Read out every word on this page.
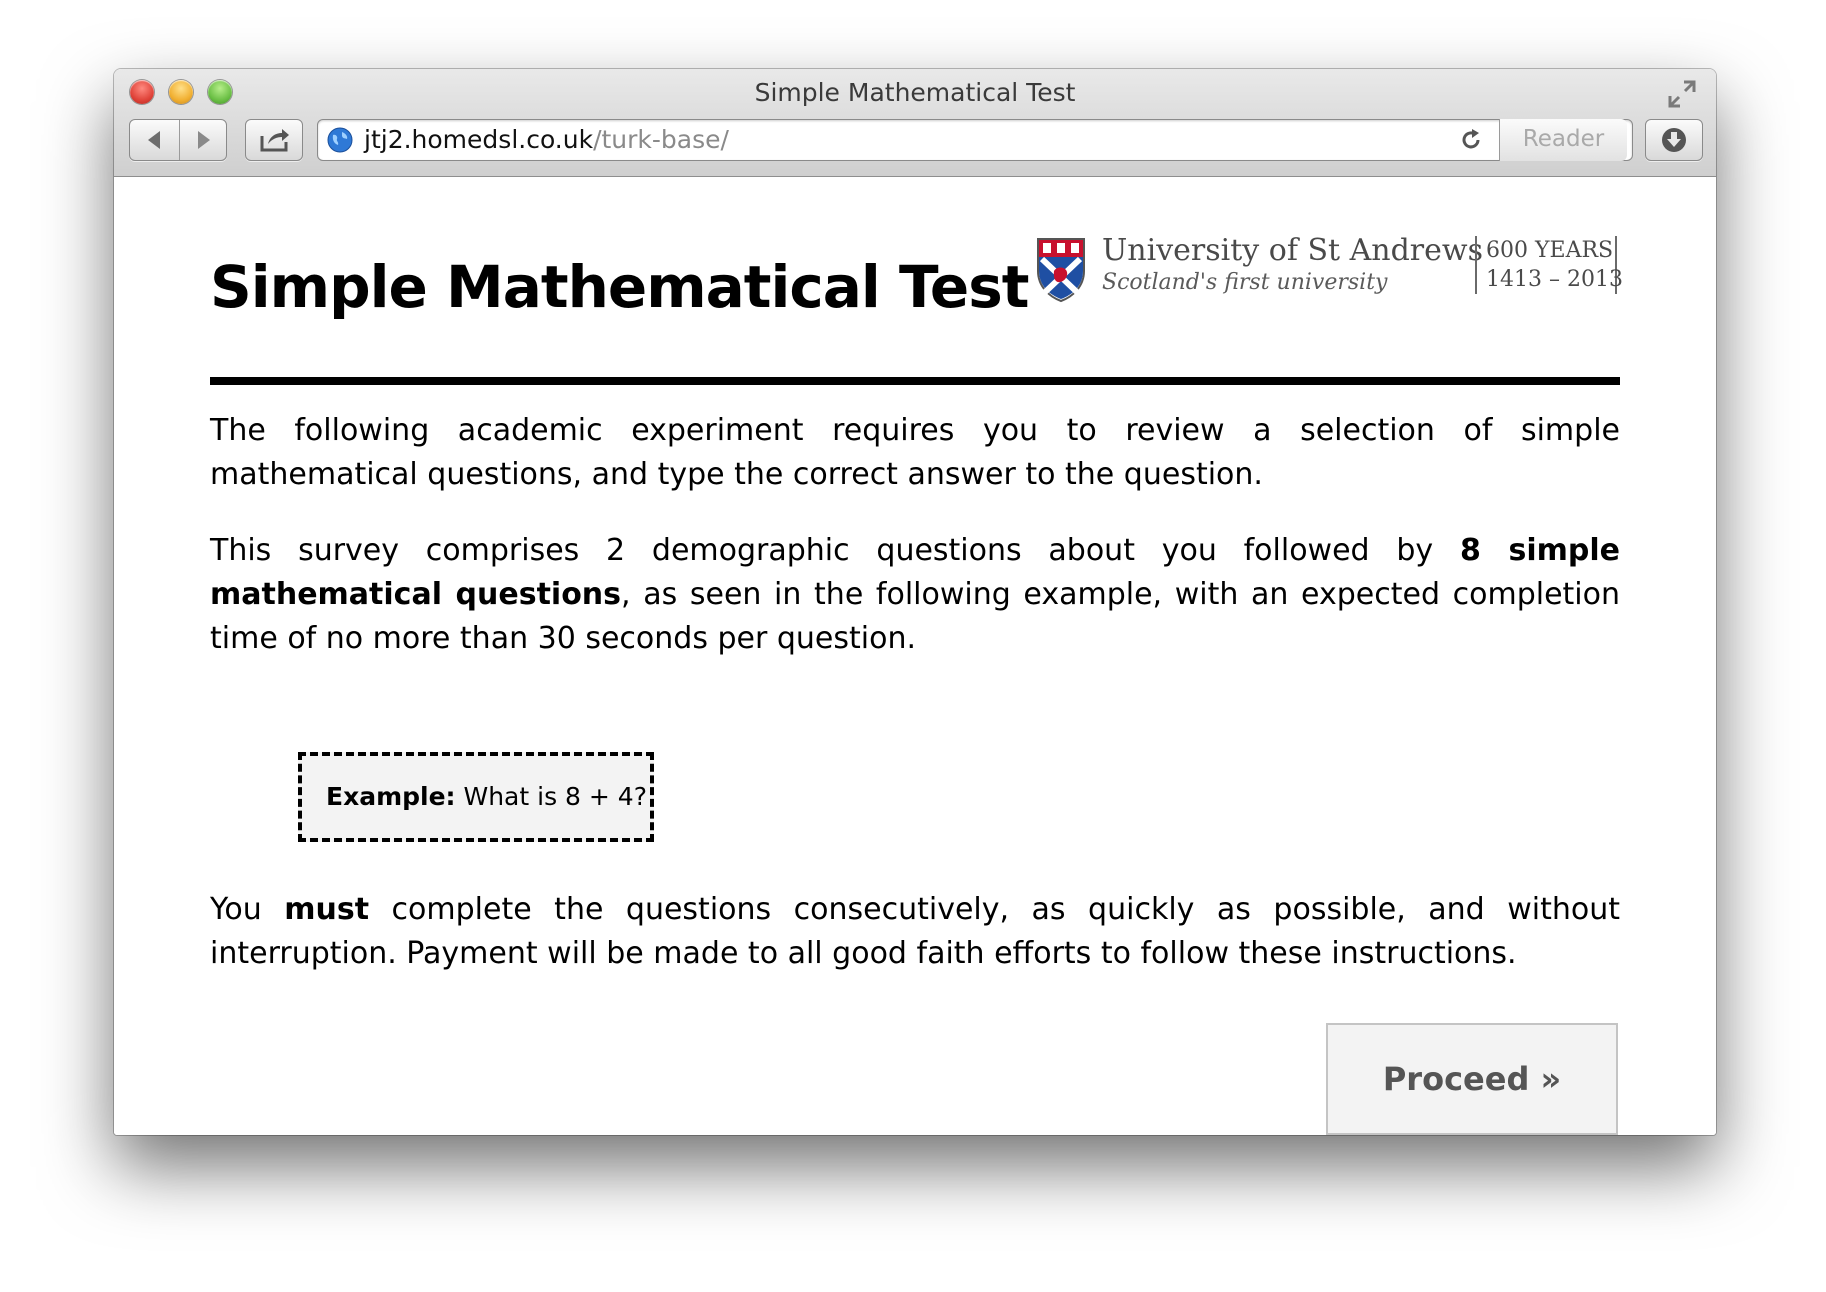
Simple Mathematical Test
jtj2.homedsl.co.uk/turk-base/	Reader
Simple Mathematical Test
University of St Andrews
Scotland's first university
600 YEARS
1413 – 2013

The following academic experiment requires you to review a selection of simple mathematical questions, and type the correct answer to the question.

This survey comprises 2 demographic questions about you followed by 8 simple mathematical questions, as seen in the following example, with an expected completion time of no more than 30 seconds per question.

Example: What is 8 + 4?

You must complete the questions consecutively, as quickly as possible, and without interruption. Payment will be made to all good faith efforts to follow these instructions.

Proceed »
